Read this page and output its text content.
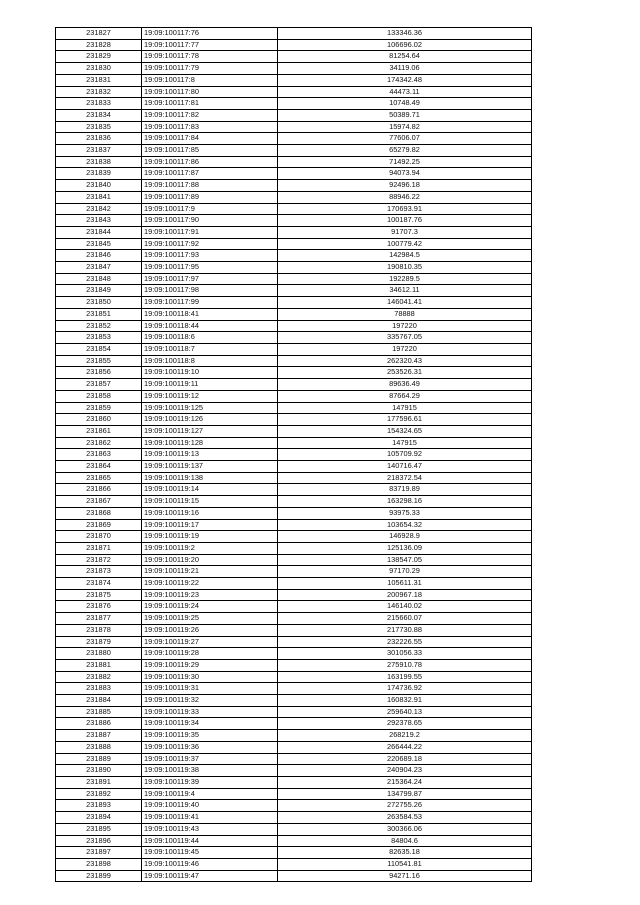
231827	19:09:100117:76	133346.36
231828	19:09:100117:77	106696.02
231829	19:09:100117:78	81254.64
231830	19:09:100117:79	34119.06
231831	19:09:100117:8	174342.48
231832	19:09:100117:80	44473.11
231833	19:09:100117:81	10748.49
231834	19:09:100117:82	50389.71
231835	19:09:100117:83	15974.82
231836	19:09:100117:84	77606.07
231837	19:09:100117:85	65279.82
231838	19:09:100117:86	71492.25
231839	19:09:100117:87	94073.94
231840	19:09:100117:88	92496.18
231841	19:09:100117:89	88946.22
231842	19:09:100117:9	170693.91
231843	19:09:100117:90	100187.76
231844	19:09:100117:91	91707.3
231845	19:09:100117:92	100779.42
231846	19:09:100117:93	142984.5
231847	19:09:100117:95	190810.35
231848	19:09:100117:97	192289.5
231849	19:09:100117:98	34612.11
231850	19:09:100117:99	146041.41
231851	19:09:100118:41	78888
231852	19:09:100118:44	197220
231853	19:09:100118:6	335767.05
231854	19:09:100118:7	197220
231855	19:09:100118:8	262320.43
231856	19:09:100119:10	253526.31
231857	19:09:100119:11	89636.49
231858	19:09:100119:12	87664.29
231859	19:09:100119:125	147915
231860	19:09:100119:126	177596.61
231861	19:09:100119:127	154324.65
231862	19:09:100119:128	147915
231863	19:09:100119:13	105709.92
231864	19:09:100119:137	140716.47
231865	19:09:100119:138	218372.54
231866	19:09:100119:14	83719.89
231867	19:09:100119:15	163298.16
231868	19:09:100119:16	93975.33
231869	19:09:100119:17	103654.32
231870	19:09:100119:19	146928.9
231871	19:09:100119:2	125136.09
231872	19:09:100119:20	138547.05
231873	19:09:100119:21	97170.29
231874	19:09:100119:22	105611.31
231875	19:09:100119:23	200967.18
231876	19:09:100119:24	146140.02
231877	19:09:100119:25	215660.07
231878	19:09:100119:26	217730.88
231879	19:09:100119:27	232226.55
231880	19:09:100119:28	301056.33
231881	19:09:100119:29	275910.78
231882	19:09:100119:30	163199.55
231883	19:09:100119:31	174736.92
231884	19:09:100119:32	160832.91
231885	19:09:100119:33	259640.13
231886	19:09:100119:34	292378.65
231887	19:09:100119:35	268219.2
231888	19:09:100119:36	266444.22
231889	19:09:100119:37	220689.18
231890	19:09:100119:38	240904.23
231891	19:09:100119:39	215364.24
231892	19:09:100119:4	134799.87
231893	19:09:100119:40	272755.26
231894	19:09:100119:41	263584.53
231895	19:09:100119:43	300366.06
231896	19:09:100119:44	84804.6
231897	19:09:100119:45	82635.18
231898	19:09:100119:46	110541.81
231899	19:09:100119:47	94271.16
